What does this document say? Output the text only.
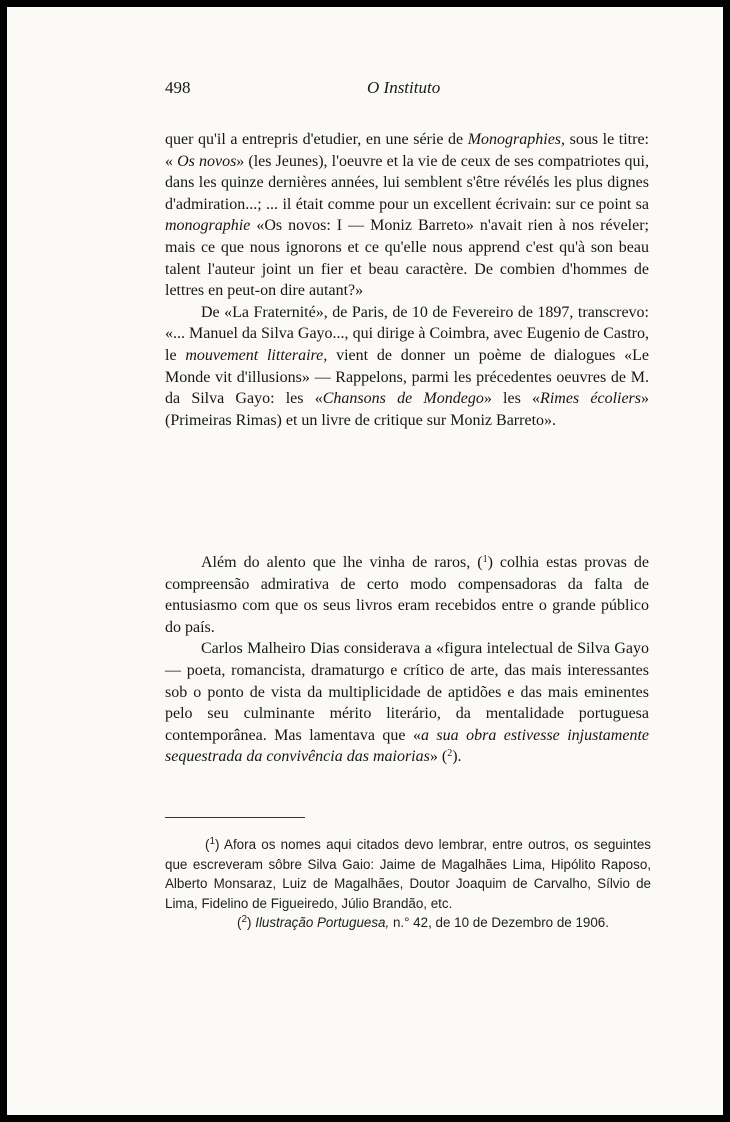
498	O Instituto

quer qu'il a entrepris d'etudier, en une série de Monographies, sous le titre: « Os novos» (les Jeunes), l'oeuvre et la vie de ceux de ses compatriotes qui, dans les quinze dernières années, lui semblent s'être révélés les plus dignes d'admiration...; ... il était comme pour un excellent écrivain: sur ce point sa monographie «Os novos: I — Moniz Barreto» n'avait rien à nos réveler; mais ce que nous ignorons et ce qu'elle nous apprend c'est qu'à son beau talent l'auteur joint un fier et beau caractère. De combien d'hommes de lettres en peut-on dire autant?»

De «La Fraternité», de Paris, de 10 de Fevereiro de 1897, transcrevo: «... Manuel da Silva Gayo..., qui dirige à Coimbra, avec Eugenio de Castro, le mouvement litteraire, vient de donner un poème de dialogues «Le Monde vit d'illusions» — Rappelons, parmi les précedentes oeuvres de M. da Silva Gayo: les «Chansons de Mondego» les «Rimes écoliers» (Primeiras Rimas) et un livre de critique sur Moniz Barreto».

Além do alento que lhe vinha de raros, ($^1$) colhia estas provas de compreensão admirativa de certo modo compensadoras da falta de entusiasmo com que os seus livros eram recebidos entre o grande público do país.

Carlos Malheiro Dias considerava a «figura intelectual de Silva Gayo — poeta, romancista, dramaturgo e crítico de arte, das mais interessantes sob o ponto de vista da multiplicidade de aptidões e das mais eminentes pelo seu culminante mérito literário, da mentalidade portuguesa contemporânea. Mas lamentava que «a sua obra estivesse injustamente sequestrada da convivência das maiorias» ($^2$).

($^1$) Afora os nomes aqui citados devo lembrar, entre outros, os seguintes que escreveram sôbre Silva Gaio: Jaime de Magalhães Lima, Hipólito Raposo, Alberto Monsaraz, Luiz de Magalhães, Doutor Joaquim de Carvalho, Sílvio de Lima, Fidelino de Figueiredo, Júlio Brandão, etc.

($^2$) Ilustração Portuguesa, n.° 42, de 10 de Dezembro de 1906.
